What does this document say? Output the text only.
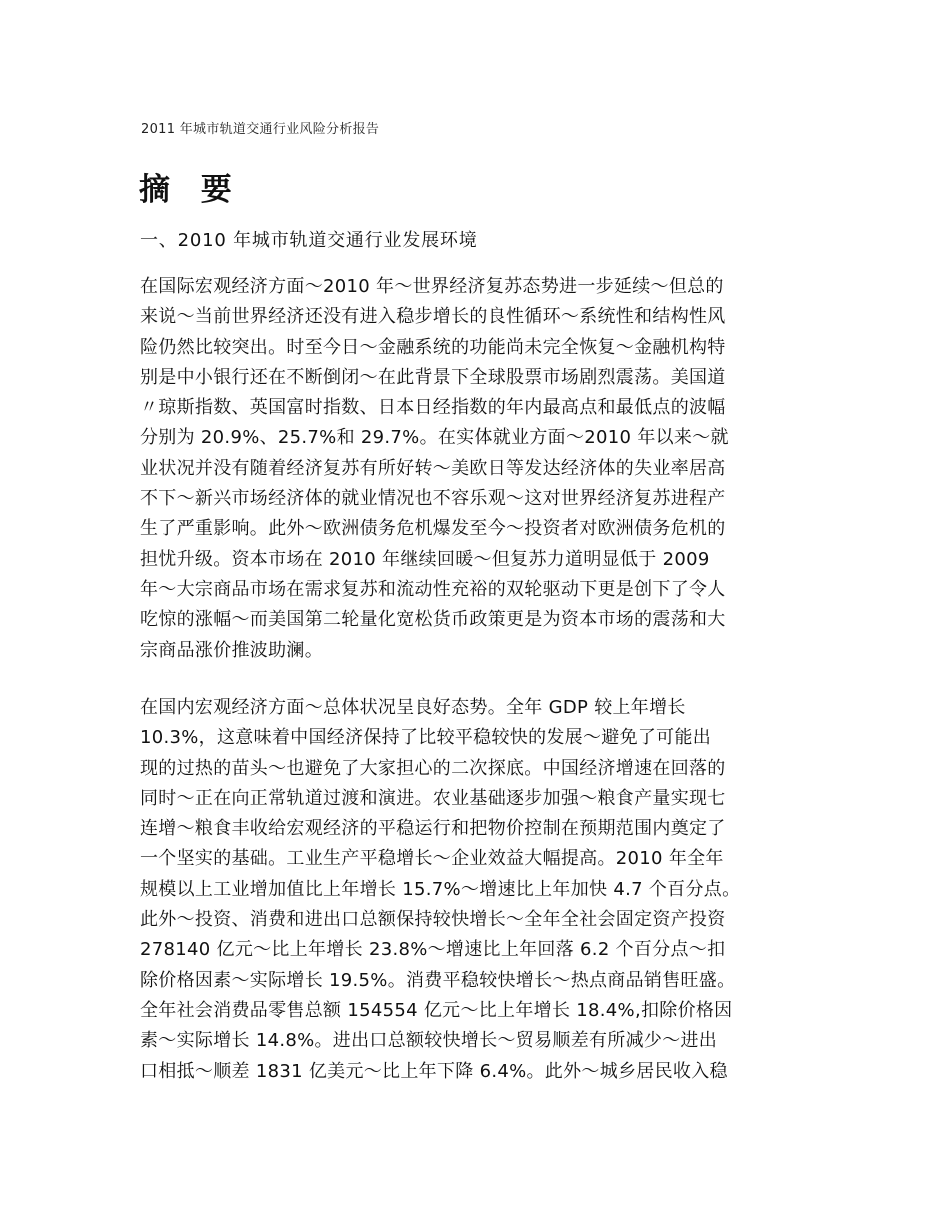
2011 年城市轨道交通行业风险分析报告
摘 要
一、2010 年城市轨道交通行业发展环境
在国际宏观经济方面～2010 年～世界经济复苏态势进一步延续～但总的
来说～当前世界经济还没有进入稳步增长的良性循环～系统性和结构性风
险仍然比较突出。时至今日～金融系统的功能尚未完全恢复～金融机构特
别是中小银行还在不断倒闭～在此背景下全球股票市场剧烈震荡。美国道
〃琼斯指数、英国富时指数、日本日经指数的年内最高点和最低点的波幅
分别为 20.9%、25.7%和 29.7%。在实体就业方面～2010 年以来～就
业状况并没有随着经济复苏有所好转～美欧日等发达经济体的失业率居高
不下～新兴市场经济体的就业情况也不容乐观～这对世界经济复苏进程产
生了严重影响。此外～欧洲债务危机爆发至今～投资者对欧洲债务危机的
担忧升级。资本市场在 2010 年继续回暖～但复苏力道明显低于 2009
年～大宗商品市场在需求复苏和流动性充裕的双轮驱动下更是创下了令人
吃惊的涨幅～而美国第二轮量化宽松货币政策更是为资本市场的震荡和大
宗商品涨价推波助澜。
在国内宏观经济方面～总体状况呈良好态势。全年 GDP 较上年增长
10.3%，这意味着中国经济保持了比较平稳较快的发展～避免了可能出
现的过热的苗头～也避免了大家担心的二次探底。中国经济增速在回落的
同时～正在向正常轨道过渡和演进。农业基础逐步加强～粮食产量实现七
连增～粮食丰收给宏观经济的平稳运行和把物价控制在预期范围内奠定了
一个坚实的基础。工业生产平稳增长～企业效益大幅提高。2010 年全年
规模以上工业增加值比上年增长 15.7%～增速比上年加快 4.7 个百分点。
此外～投资、消费和进出口总额保持较快增长～全年全社会固定资产投资
278140 亿元～比上年增长 23.8%～增速比上年回落 6.2 个百分点～扣
除价格因素～实际增长 19.5%。消费平稳较快增长～热点商品销售旺盛。
全年社会消费品零售总额 154554 亿元～比上年增长 18.4%,扣除价格因
素～实际增长 14.8%。进出口总额较快增长～贸易顺差有所减少～进出
口相抵～顺差 1831 亿美元～比上年下降 6.4%。此外～城乡居民收入稳
